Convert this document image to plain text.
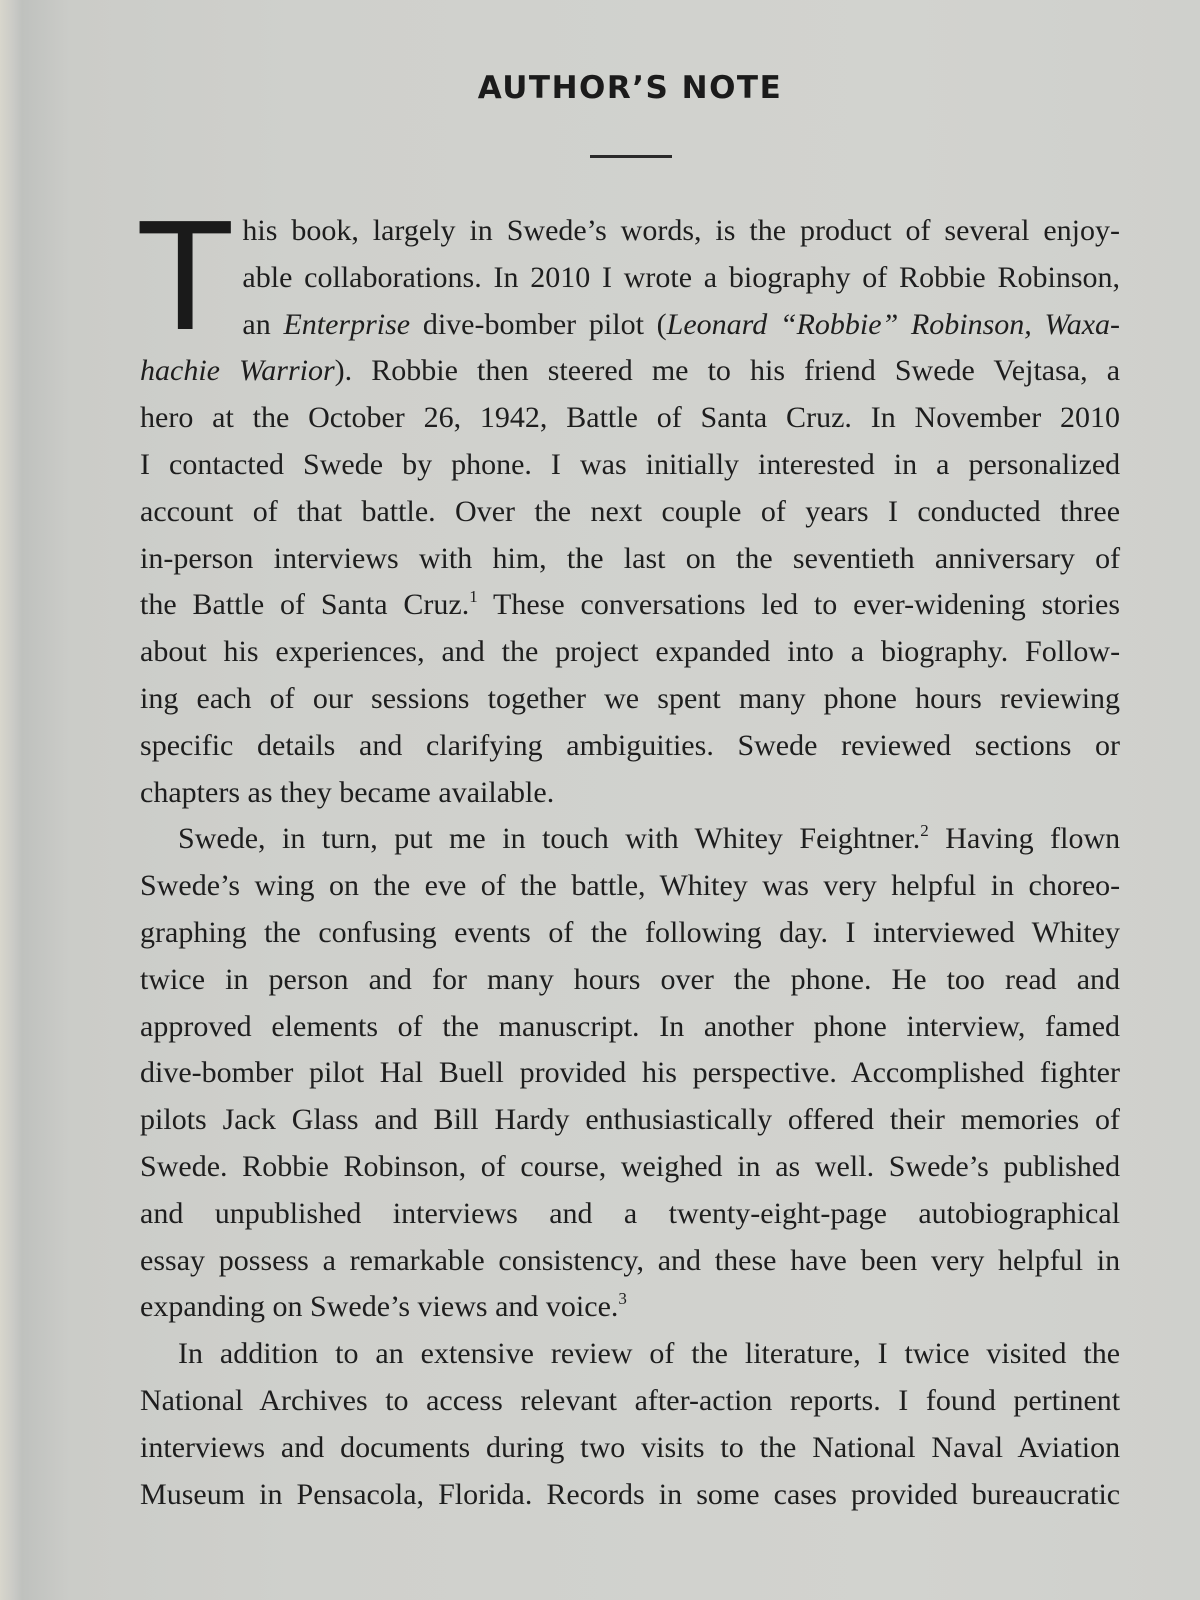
AUTHOR’S NOTE
T his book, largely in Swede’s words, is the product of several enjoy-
able collaborations. In 2010 I wrote a biography of Robbie Robinson,
an Enterprise dive-bomber pilot (Leonard “Robbie” Robinson, Waxa-
hachie Warrior). Robbie then steered me to his friend Swede Vejtasa, a
hero at the October 26, 1942, Battle of Santa Cruz. In November 2010
I contacted Swede by phone. I was initially interested in a personalized
account of that battle. Over the next couple of years I conducted three
in-person interviews with him, the last on the seventieth anniversary of
the Battle of Santa Cruz.$^1$ These conversations led to ever-widening stories
about his experiences, and the project expanded into a biography. Follow-
ing each of our sessions together we spent many phone hours reviewing
specific details and clarifying ambiguities. Swede reviewed sections or
chapters as they became available.
Swede, in turn, put me in touch with Whitey Feightner.$^2$ Having flown
Swede’s wing on the eve of the battle, Whitey was very helpful in choreo-
graphing the confusing events of the following day. I interviewed Whitey
twice in person and for many hours over the phone. He too read and
approved elements of the manuscript. In another phone interview, famed
dive-bomber pilot Hal Buell provided his perspective. Accomplished fighter
pilots Jack Glass and Bill Hardy enthusiastically offered their memories of
Swede. Robbie Robinson, of course, weighed in as well. Swede’s published
and unpublished interviews and a twenty-eight-page autobiographical
essay possess a remarkable consistency, and these have been very helpful in
expanding on Swede’s views and voice.$^3$
In addition to an extensive review of the literature, I twice visited the
National Archives to access relevant after-action reports. I found pertinent
interviews and documents during two visits to the National Naval Aviation
Museum in Pensacola, Florida. Records in some cases provided bureaucratic
